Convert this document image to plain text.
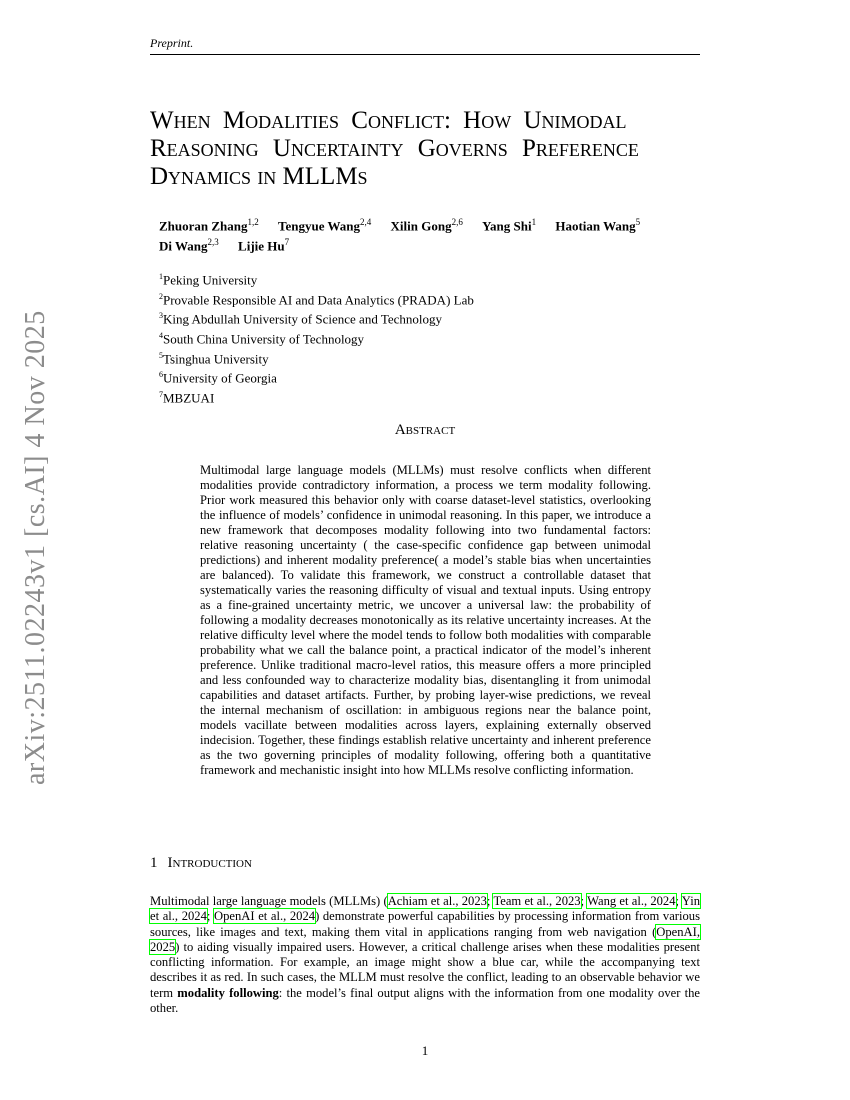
Preprint.
arXiv:2511.02243v1 [cs.AI] 4 Nov 2025
When Modalities Conflict: How Unimodal
Reasoning Uncertainty Governs Preference
Dynamics in MLLMs
Zhuoran Zhang$^{1,2}$ Tengyue Wang$^{2,4}$ Xilin Gong$^{2,6}$ Yang Shi$^1$ Haotian Wang$^5$
Di Wang$^{2,3}$ Lijie Hu$^7$
$^1$Peking University
$^2$Provable Responsible AI and Data Analytics (PRADA) Lab
$^3$King Abdullah University of Science and Technology
$^4$South China University of Technology
$^5$Tsinghua University
$^6$University of Georgia
$^7$MBZUAI
Abstract
Multimodal large language models (MLLMs) must resolve conflicts when different modalities provide contradictory information, a process we term modality following. Prior work measured this behavior only with coarse dataset-level statistics, overlooking the influence of models’ confidence in unimodal reasoning. In this paper, we introduce a new framework that decomposes modality following into two fundamental factors: relative reasoning uncertainty ( the case-specific confidence gap between unimodal predictions) and inherent modality preference( a model’s stable bias when uncertainties are balanced). To validate this framework, we construct a controllable dataset that systematically varies the reasoning difficulty of visual and textual inputs. Using entropy as a fine-grained uncertainty metric, we uncover a universal law: the probability of following a modality decreases monotonically as its relative uncertainty increases. At the relative difficulty level where the model tends to follow both modalities with comparable probability what we call the balance point, a practical indicator of the model’s inherent preference. Unlike traditional macro-level ratios, this measure offers a more principled and less confounded way to characterize modality bias, disentangling it from unimodal capabilities and dataset artifacts. Further, by probing layer-wise predictions, we reveal the internal mechanism of oscillation: in ambiguous regions near the balance point, models vacillate between modalities across layers, explaining externally observed indecision. Together, these findings establish relative uncertainty and inherent preference as the two governing principles of modality following, offering both a quantitative framework and mechanistic insight into how MLLMs resolve conflicting information.
1 Introduction
Multimodal large language models (MLLMs) (Achiam et al., 2023; Team et al., 2023; Wang et al., 2024; Yin et al., 2024; OpenAI et al., 2024) demonstrate powerful capabilities by processing information from various sources, like images and text, making them vital in applications ranging from web navigation (OpenAI, 2025) to aiding visually impaired users. However, a critical challenge arises when these modalities present conflicting information. For example, an image might show a blue car, while the accompanying text describes it as red. In such cases, the MLLM must resolve the conflict, leading to an observable behavior we term modality following: the model’s final output aligns with the information from one modality over the other.
1
